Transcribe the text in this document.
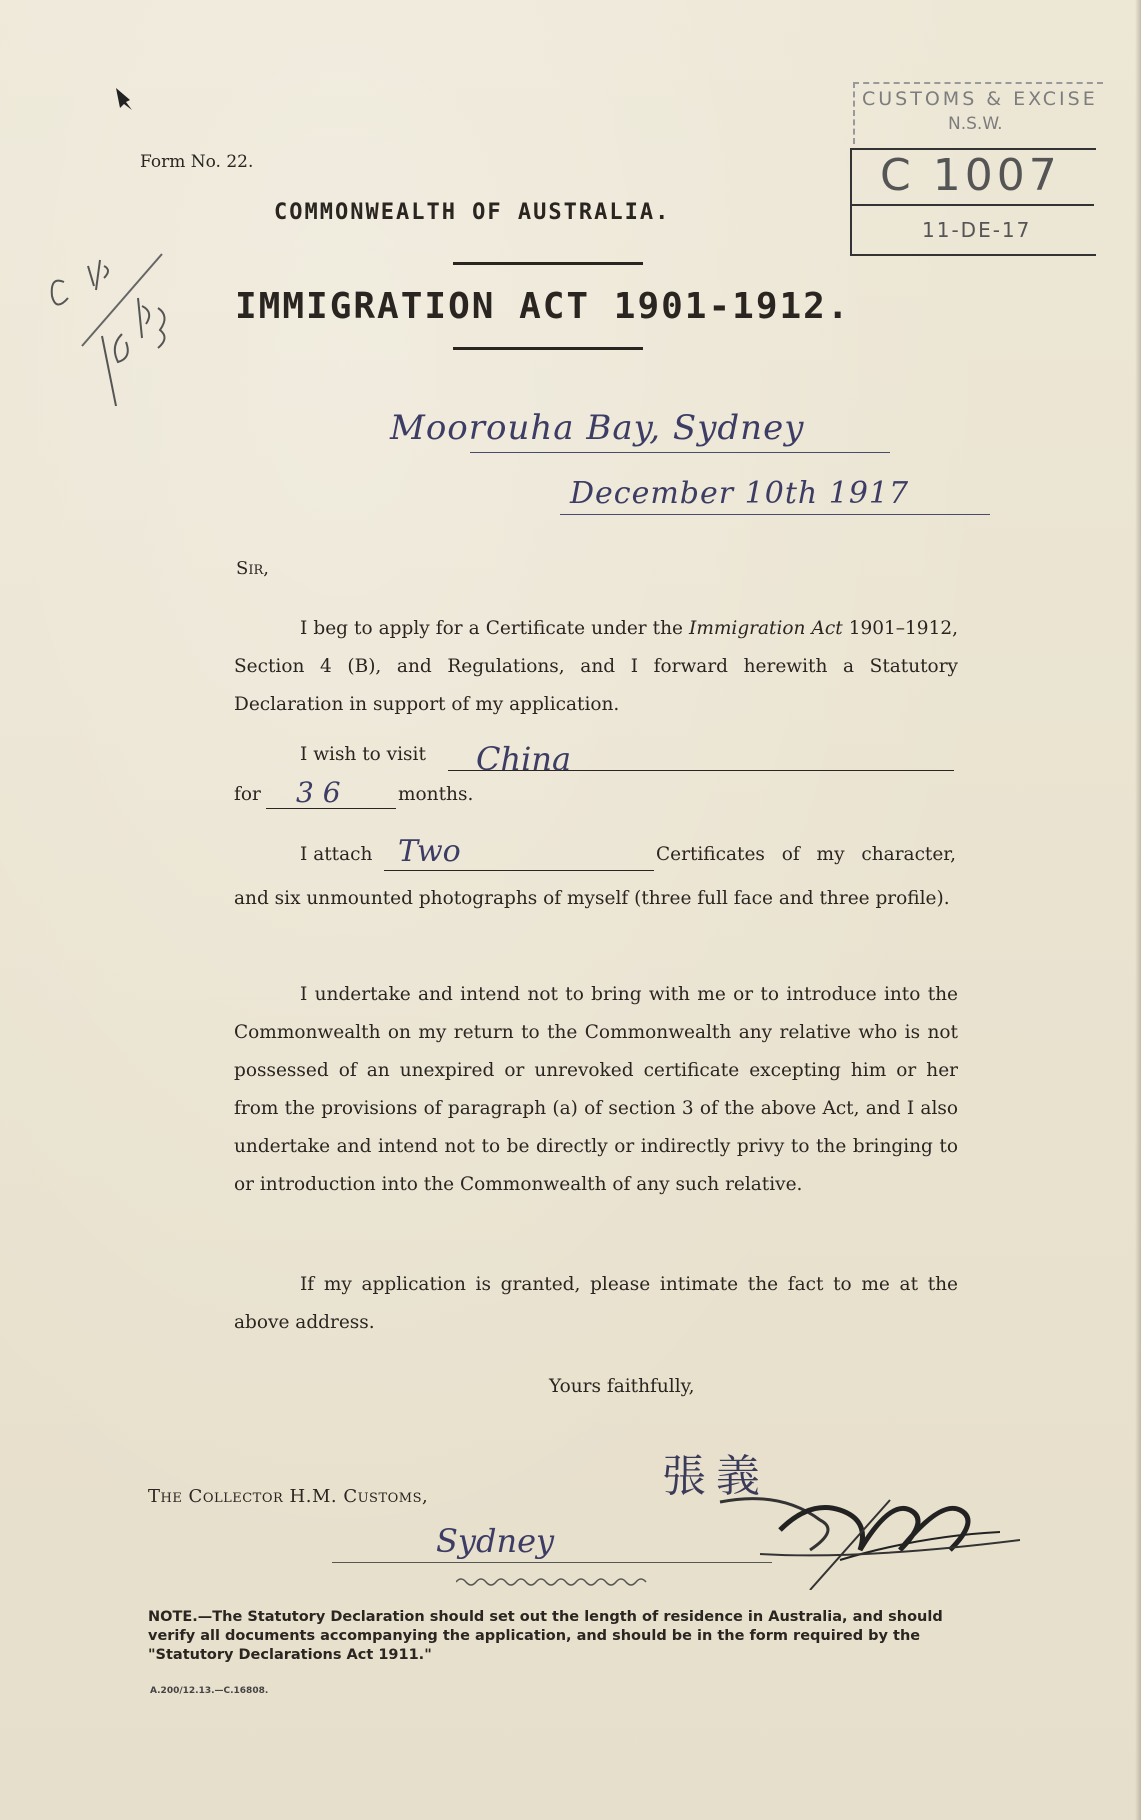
Form No. 22.
COMMONWEALTH OF AUSTRALIA.
CUSTOMS & EXCISE
N.S.W.
C 1007
11-DE-17
IMMIGRATION ACT 1901-1912.
Moorouha Bay, Sydney
December 10th 1917
Sir,
I beg to apply for a Certificate under the Immigration Act 1901–1912, Section 4 (B), and Regulations, and I forward herewith a Statutory Declaration in support of my application.
I wish to visit China
for 3 6	months.
I attach Two	Certificates of my character,
and six unmounted photographs of myself (three full face and three profile).
I undertake and intend not to bring with me or to introduce into the Commonwealth on my return to the Commonwealth any relative who is not possessed of an unexpired or unrevoked certificate excepting him or her from the provisions of paragraph (a) of section 3 of the above Act, and I also undertake and intend not to be directly or indirectly privy to the bringing to or introduction into the Commonwealth of any such relative.
If my application is granted, please intimate the fact to me at the above address.
Yours faithfully,
張義
The Collector H.M. Customs,
Sydney
NOTE.—The Statutory Declaration should set out the length of residence in Australia, and should verify all documents accompanying the application, and should be in the form required by the "Statutory Declarations Act 1911."
A.200/12.13.—C.16808.
